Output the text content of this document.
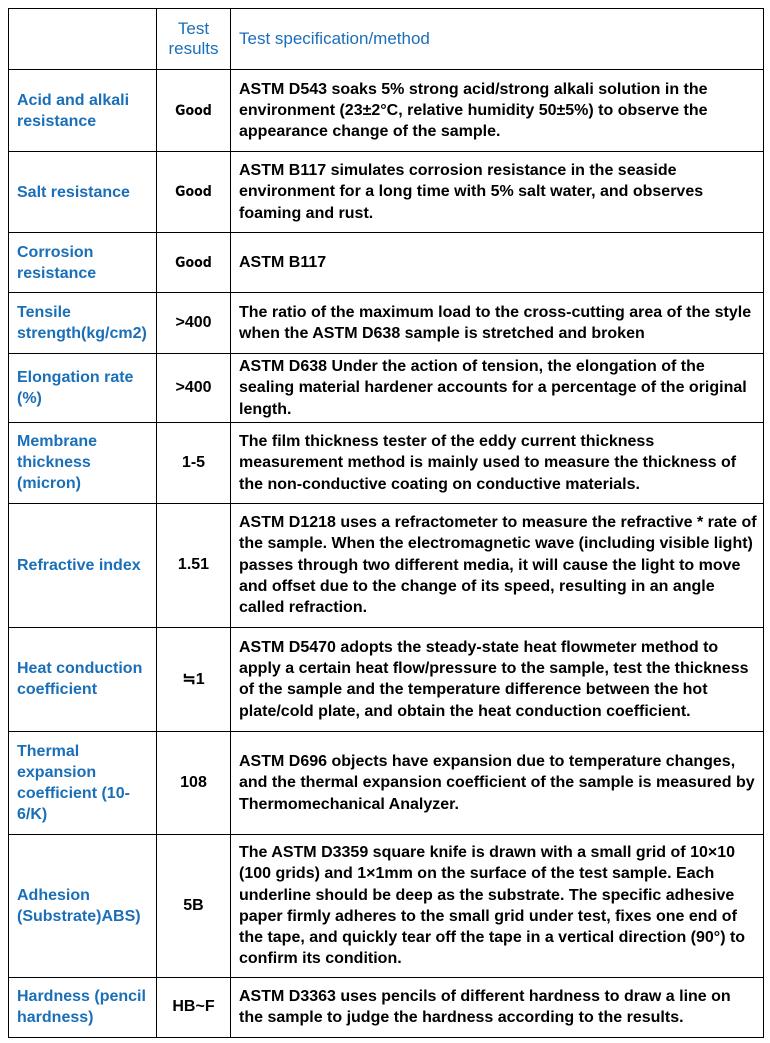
	Test results	Test specification/method
Acid and alkali resistance	Good	ASTM D543 soaks 5% strong acid/strong alkali solution in the environment (23±2°C, relative humidity 50±5%) to observe the appearance change of the sample.
Salt resistance	Good	ASTM B117 simulates corrosion resistance in the seaside environment for a long time with 5% salt water, and observes foaming and rust.
Corrosion resistance	Good	ASTM B117
Tensile strength(kg/cm2)	>400	The ratio of the maximum load to the cross-cutting area of the style when the ASTM D638 sample is stretched and broken
Elongation rate (%)	>400	ASTM D638 Under the action of tension, the elongation of the sealing material hardener accounts for a percentage of the original length.
Membrane thickness (micron)	1-5	The film thickness tester of the eddy current thickness measurement method is mainly used to measure the thickness of the non-conductive coating on conductive materials.
Refractive index	1.51	ASTM D1218 uses a refractometer to measure the refractive * rate of the sample. When the electromagnetic wave (including visible light) passes through two different media, it will cause the light to move and offset due to the change of its speed, resulting in an angle called refraction.
Heat conduction coefficient	≒1	ASTM D5470 adopts the steady-state heat flowmeter method to apply a certain heat flow/pressure to the sample, test the thickness of the sample and the temperature difference between the hot plate/cold plate, and obtain the heat conduction coefficient.
Thermal expansion coefficient (10-6/K)	108	ASTM D696 objects have expansion due to temperature changes, and the thermal expansion coefficient of the sample is measured by Thermomechanical Analyzer.
Adhesion (Substrate)ABS)	5B	The ASTM D3359 square knife is drawn with a small grid of 10×10 (100 grids) and 1×1mm on the surface of the test sample. Each underline should be deep as the substrate. The specific adhesive paper firmly adheres to the small grid under test, fixes one end of the tape, and quickly tear off the tape in a vertical direction (90°) to confirm its condition.
Hardness (pencil hardness)	HB~F	ASTM D3363 uses pencils of different hardness to draw a line on the sample to judge the hardness according to the results.
